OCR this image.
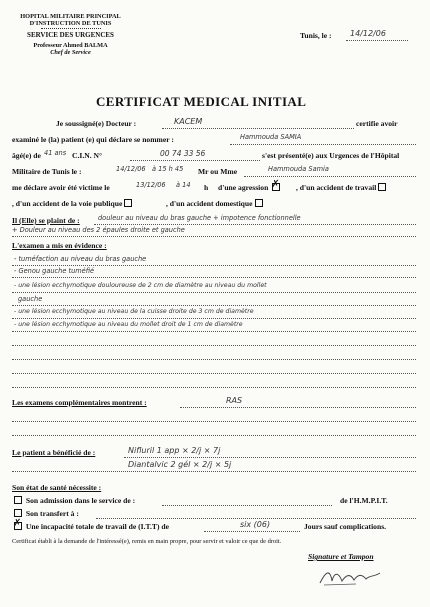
HOPITAL MILITAIRE PRINCIPAL
D'INSTRUCTION DE TUNIS
SERVICE DES URGENCES
Professeur Ahmed BALMA
Chef de Service
Tunis, le : 14/12/06
CERTIFICAT MEDICAL INITIAL
Je soussigné(e) Docteur :	KACEM	certifie avoir
examiné le (la) patient (e) qui déclare se nommer :	Hammouda SAMIA
âgé(e) de 41 ans C.I.N. N°	00 74 33 56	s'est présenté(e) aux Urgences de l'Hôpital
Militaire de Tunis le :	14/12/06 à 15 h 45 Mr ou Mme	Hammouda Samia
me déclare avoir été victime le	13/12/06 à 14 h d'une agression ✗ , d'un accident de travail
, d'un accident de la voie publique	, d'un accident domestique
Il (Elle) se plaint de :	douleur au niveau du bras gauche + impotence fonctionnelle
+ Douleur au niveau des 2 épaules droite et gauche
L'examen a mis en évidence :
- tuméfaction au niveau du bras gauche
- Genou gauche tuméfié
- une lésion ecchymotique douloureuse de 2 cm de diamètre au niveau du mollet
gauche
- une lésion ecchymotique au niveau de la cuisse droite de 3 cm de diamètre
- une lésion ecchymotique au niveau du mollet droit de 1 cm de diamètre
Les examens complémentaires montrent :	RAS
Le patient a bénéficié de :	Nifluril 1 app × 2/j × 7j
Diantalvic 2 gél × 2/j × 5j
Son état de santé nécessite :
Son admission dans le service de :	de l'H.M.P.I.T.
Son transfert à :
✗ Une incapacité totale de travail de (I.T.T) de	six (06)	Jours sauf complications.
Certificat établi à la demande de l'intéressé(e), remis en main propre, pour servir et valoir ce que de droit.
Signature et Tampon
